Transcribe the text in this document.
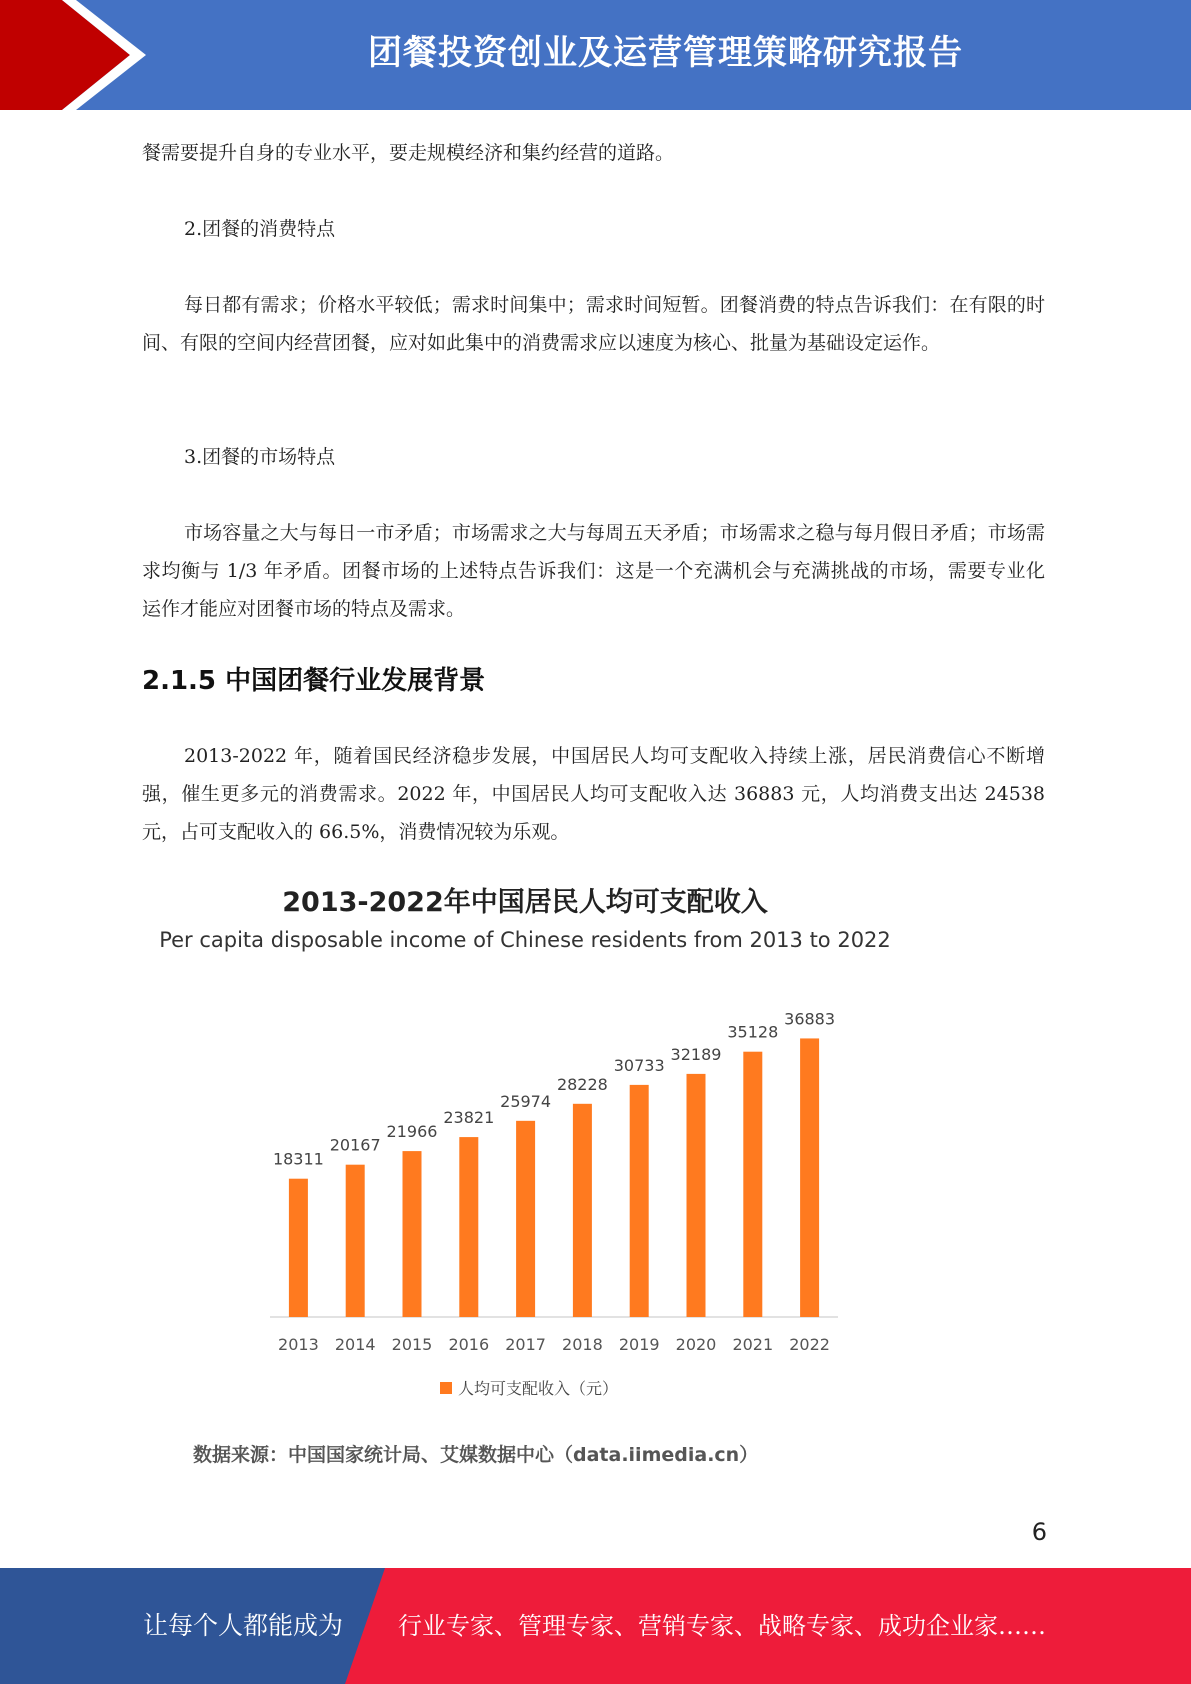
团餐投资创业及运营管理策略研究报告
餐需要提升自身的专业水平，要走规模经济和集约经营的道路。
2.团餐的消费特点
每日都有需求；价格水平较低；需求时间集中；需求时间短暂。团餐消费的特点告诉我们：在有限的时间、有限的空间内经营团餐，应对如此集中的消费需求应以速度为核心、批量为基础设定运作。
3.团餐的市场特点
市场容量之大与每日一市矛盾；市场需求之大与每周五天矛盾；市场需求之稳与每月假日矛盾；市场需求均衡与 1/3 年矛盾。团餐市场的上述特点告诉我们：这是一个充满机会与充满挑战的市场，需要专业化 运作才能应对团餐市场的特点及需求。
2.1.5 中国团餐行业发展背景
2013-2022 年，随着国民经济稳步发展，中国居民人均可支配收入持续上涨，居民消费信心不断增强，催生更多元的消费需求。2022 年，中国居民人均可支配收入达 36883 元，人均消费支出达 24538 元，占可支配收入的 66.5%，消费情况较为乐观。
2013-2022年中国居民人均可支配收入
Per capita disposable income of Chinese residents from 2013 to 2022
18311
2013
20167
2014
21966
2015
23821
2016
25974
2017
28228
2018
30733
2019
32189
2020
35128
2021
36883
2022
人均可支配收入（元）
数据来源：中国国家统计局、艾媒数据中心（data.iimedia.cn）
6
让每个人都能成为 行业专家、管理专家、营销专家、战略专家、成功企业家……
